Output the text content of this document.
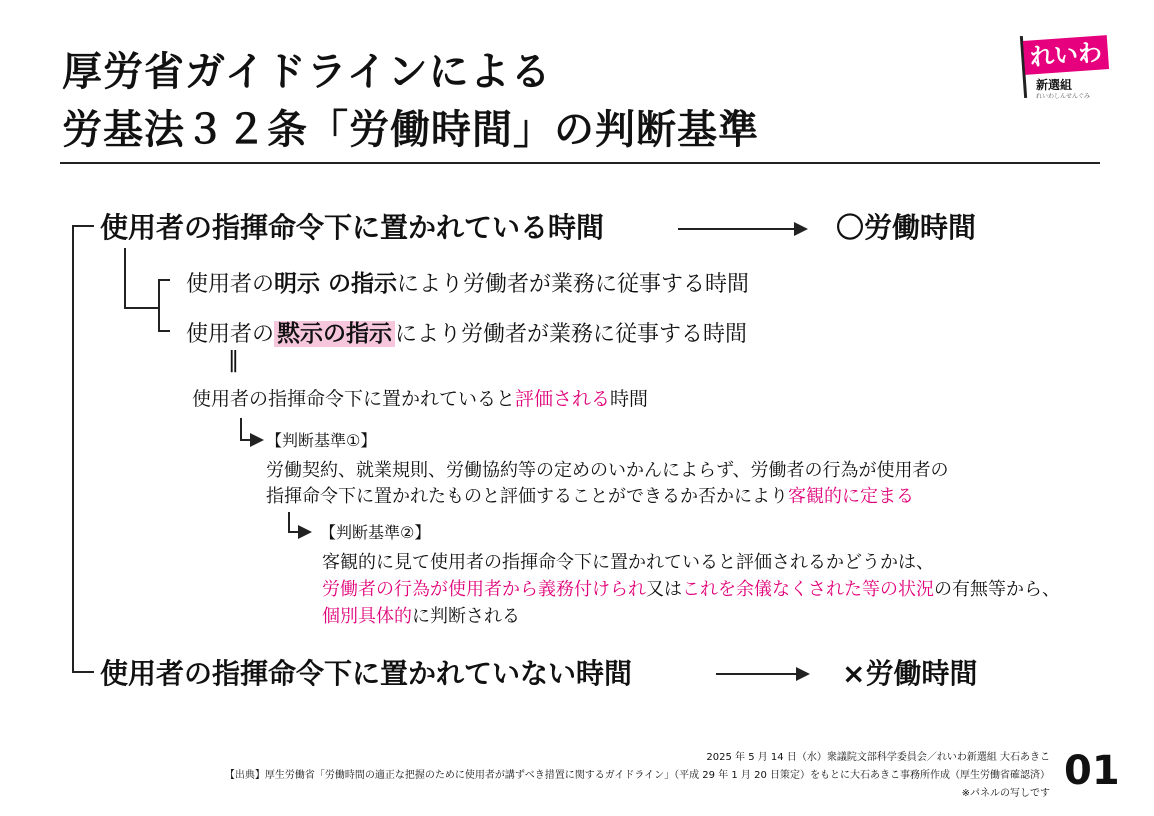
厚労省ガイドラインによる
労基法３２条「労働時間」の判断基準
れいわ
新選組
れいわしんせんぐみ
使用者の指揮命令下に置かれている時間	〇労働時間
使用者の明示 の指示により労働者が業務に従事する時間
使用者の 黙示の指示 により労働者が業務に従事する時間
‖
使用者の指揮命令下に置かれていると評価される時間
【判断基準①】
労働契約、就業規則、労働協約等の定めのいかんによらず、労働者の行為が使用者の
指揮命令下に置かれたものと評価することができるか否かにより客観的に定まる
【判断基準②】
客観的に見て使用者の指揮命令下に置かれていると評価されるかどうかは、
労働者の行為が使用者から義務付けられ又はこれを余儀なくされた等の状況の有無等から、
個別具体的に判断される
使用者の指揮命令下に置かれていない時間	×労働時間
2025 年 5 月 14 日（水）衆議院文部科学委員会／れいわ新選組 大石あきこ
【出典】厚生労働省「労働時間の適正な把握のために使用者が講ずべき措置に関するガイドライン」（平成 29 年 1 月 20 日策定）をもとに大石あきこ事務所作成（厚生労働省確認済）
※パネルの写しです 01
